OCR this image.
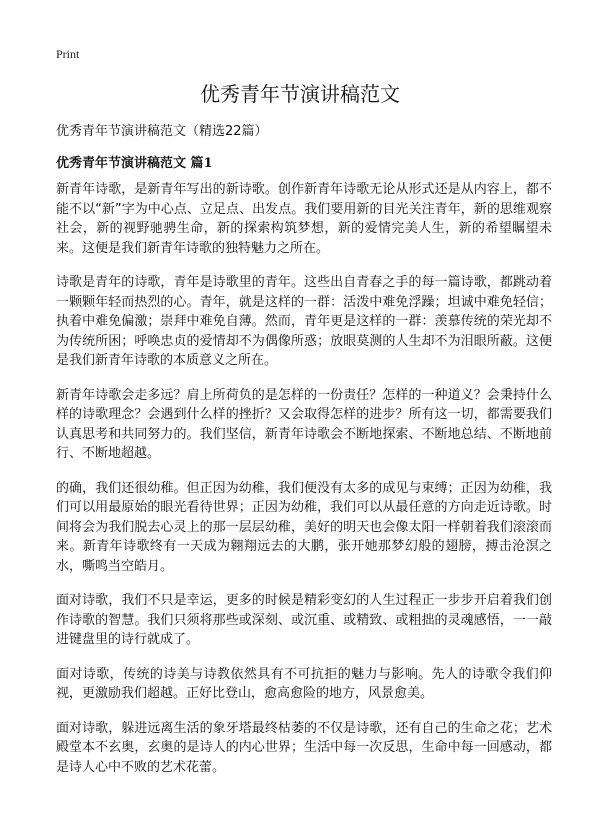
Print
优秀青年节演讲稿范文
优秀青年节演讲稿范文（精选22篇）
优秀青年节演讲稿范文 篇1

新青年诗歌，是新青年写出的新诗歌。创作新青年诗歌无论从形式还是从内容上，都不能不以“新”字为中心点、立足点、出发点。我们要用新的目光关注青年，新的思维观察社会，新的视野驰骋生命，新的探索构筑梦想，新的爱情完美人生，新的希望瞩望未来。这便是我们新青年诗歌的独特魅力之所在。

诗歌是青年的诗歌，青年是诗歌里的青年。这些出自青春之手的每一篇诗歌，都跳动着一颗颗年轻而热烈的心。青年，就是这样的一群：活泼中难免浮躁；坦诚中难免轻信；执着中难免偏激；崇拜中难免自薄。然而，青年更是这样的一群：羡慕传统的荣光却不为传统所困；呼唤忠贞的爱情却不为偶像所惑；放眼莫测的人生却不为泪眼所蔽。这便是我们新青年诗歌的本质意义之所在。

新青年诗歌会走多远？肩上所荷负的是怎样的一份责任？怎样的一种道义？会秉持什么样的诗歌理念？会遇到什么样的挫折？又会取得怎样的进步？所有这一切，都需要我们认真思考和共同努力的。我们坚信，新青年诗歌会不断地探索、不断地总结、不断地前行、不断地超越。

的确，我们还很幼稚。但正因为幼稚，我们便没有太多的成见与束缚；正因为幼稚，我们可以用最原始的眼光看待世界；正因为幼稚，我们可以从最任意的方向走近诗歌。时间将会为我们脱去心灵上的那一层层幼稚，美好的明天也会像太阳一样朝着我们滚滚而来。新青年诗歌终有一天成为翱翔远去的大鹏，张开她那梦幻般的翅膀，搏击沧溟之水，嘶鸣当空皓月。

面对诗歌，我们不只是幸运，更多的时候是精彩变幻的人生过程正一步步开启着我们创作诗歌的智慧。我们只须将那些或深刻、或沉重、或精致、或粗拙的灵魂感悟，一一敲进键盘里的诗行就成了。

面对诗歌，传统的诗美与诗教依然具有不可抗拒的魅力与影响。先人的诗歌令我们仰视，更激励我们超越。正好比登山，愈高愈险的地方，风景愈美。

面对诗歌，躲进远离生活的象牙塔最终枯萎的不仅是诗歌，还有自己的生命之花；艺术殿堂本不玄奥，玄奥的是诗人的内心世界；生活中每一次反思，生命中每一回感动，都是诗人心中不败的艺术花蕾。
